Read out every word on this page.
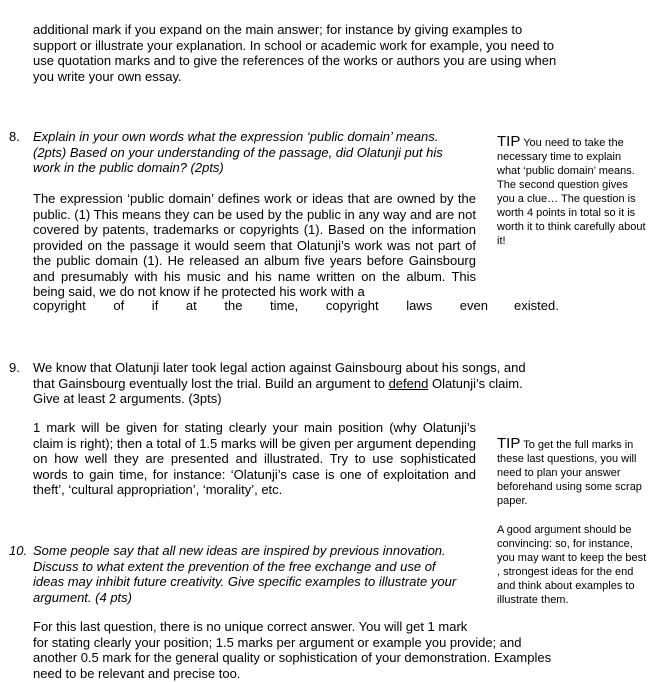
additional mark if you expand on the main answer; for instance by giving examples to
support or illustrate your explanation. In school or academic work for example, you need to
use quotation marks and to give the references of the works or authors you are using when
you write your own essay.
8. Explain in your own words what the expression ‘public domain’ means.
(2pts) Based on your understanding of the passage, did Olatunji put his
work in the public domain? (2pts)
The expression ‘public domain’ defines work or ideas that are owned by the public. (1) This means they can be used by the public in any way and are not covered by patents, trademarks or copyrights (1). Based on the information provided on the passage it would seem that Olatunji’s work was not part of the public domain (1). He released an album five years before Gainsbourg and presumably with his music and his name written on the album. This being said, we do not know if he protected his work with a
copyright of if at the time, copyright laws even existed.
TIP You need to take the necessary time to explain what ‘public domain’ means. The second question gives you a clue… The question is worth 4 points in total so it is worth it to think carefully about it!
9. We know that Olatunji later took legal action against Gainsbourg about his songs, and
that Gainsbourg eventually lost the trial. Build an argument to defend Olatunji’s claim.
Give at least 2 arguments. (3pts)
1 mark will be given for stating clearly your main position (why Olatunji’s claim is right); then a total of 1.5 marks will be given per argument depending on how well they are presented and illustrated. Try to use sophisticated words to gain time, for instance: ‘Olatunji’s case is one of exploitation and theft’, ‘cultural appropriation’, ‘morality’, etc.
TIP To get the full marks in these last questions, you will need to plan your answer beforehand using some scrap paper.
A good argument should be convincing: so, for instance, you may want to keep the best , strongest ideas for the end and think about examples to illustrate them.
10. Some people say that all new ideas are inspired by previous innovation.
Discuss to what extent the prevention of the free exchange and use of
ideas may inhibit future creativity. Give specific examples to illustrate your
argument. (4 pts)
For this last question, there is no unique correct answer. You will get 1 mark
for stating clearly your position; 1.5 marks per argument or example you provide; and
another 0.5 mark for the general quality or sophistication of your demonstration. Examples
need to be relevant and precise too.
